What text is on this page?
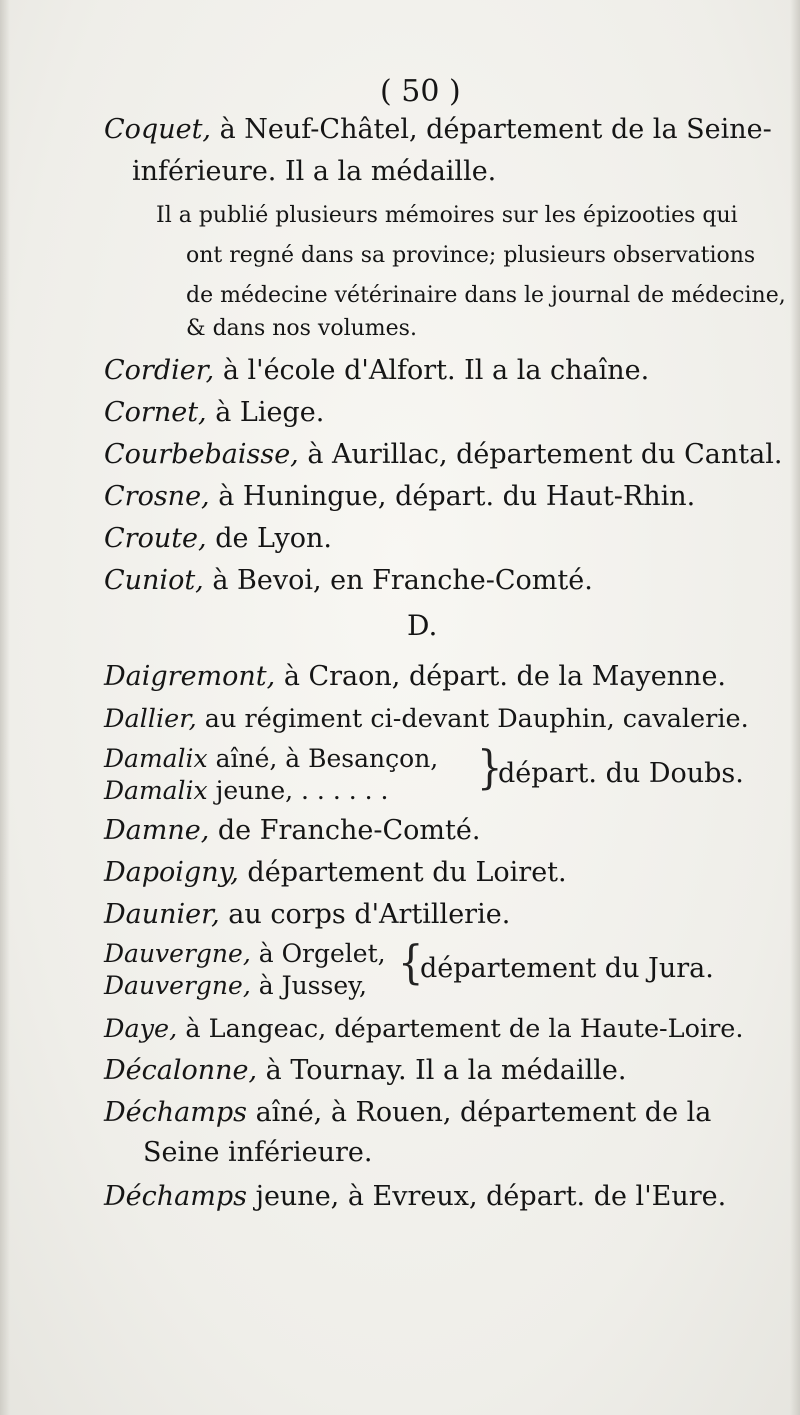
( 50 )
Coquet, à Neuf-Châtel, département de la Seine-
inférieure. Il a la médaille.
Il a publié plusieurs mémoires sur les épizooties qui
ont regné dans sa province; plusieurs observations
de médecine vétérinaire dans le journal de médecine,
& dans nos volumes.
Cordier, à l'école d'Alfort. Il a la chaîne.
Cornet, à Liege.
Courbebaisse, à Aurillac, département du Cantal.
Crosne, à Huningue, départ. du Haut-Rhin.
Croute, de Lyon.
Cuniot, à Bevoi, en Franche-Comté.
D.
Daigremont, à Craon, départ. de la Mayenne.
Dallier, au régiment ci-devant Dauphin, cavalerie.
Damalix aîné, à Besançon,
Damalix jeune, . . . . . . }
départ. du Doubs.
Damne, de Franche-Comté.
Dapoigny, département du Loiret.
Daunier, au corps d'Artillerie.
Dauvergne, à Orgelet,
Dauvergne, à Jussey, {
département du Jura.
Daye, à Langeac, département de la Haute-Loire.
Décalonne, à Tournay. Il a la médaille.
Déchamps aîné, à Rouen, département de la
Seine inférieure.
Déchamps jeune, à Evreux, départ. de l'Eure.
